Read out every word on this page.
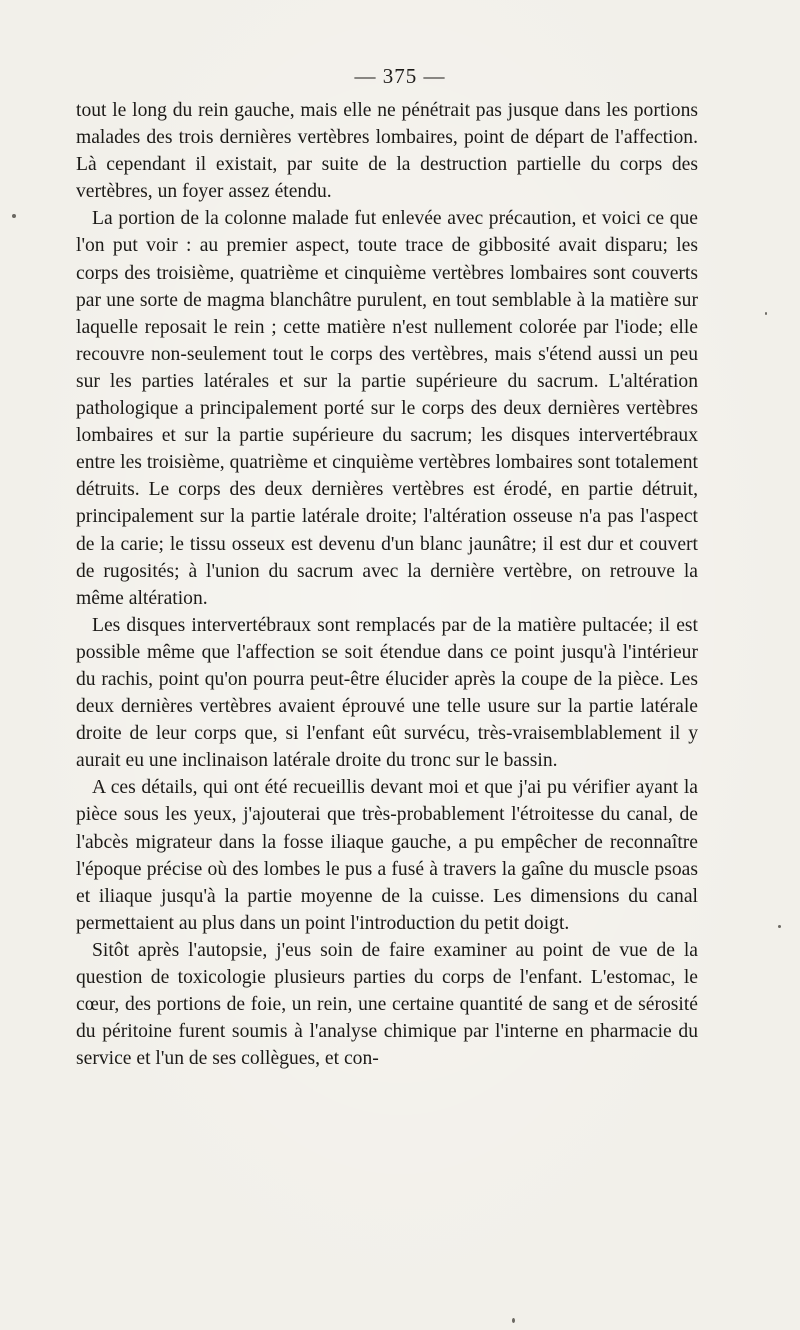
— 375 —

tout le long du rein gauche, mais elle ne pénétrait pas jusque dans les portions malades des trois dernières vertèbres lombaires, point de départ de l'affection. Là cependant il existait, par suite de la destruction partielle du corps des vertèbres, un foyer assez étendu.

La portion de la colonne malade fut enlevée avec précaution, et voici ce que l'on put voir : au premier aspect, toute trace de gibbosité avait disparu; les corps des troisième, quatrième et cinquième vertèbres lombaires sont couverts par une sorte de magma blanchâtre purulent, en tout semblable à la matière sur laquelle reposait le rein ; cette matière n'est nullement colorée par l'iode; elle recouvre non-seulement tout le corps des vertèbres, mais s'étend aussi un peu sur les parties latérales et sur la partie supérieure du sacrum. L'altération pathologique a principalement porté sur le corps des deux dernières vertèbres lombaires et sur la partie supérieure du sacrum; les disques intervertébraux entre les troisième, quatrième et cinquième vertèbres lombaires sont totalement détruits. Le corps des deux dernières vertèbres est érodé, en partie détruit, principalement sur la partie latérale droite; l'altération osseuse n'a pas l'aspect de la carie; le tissu osseux est devenu d'un blanc jaunâtre; il est dur et couvert de rugosités; à l'union du sacrum avec la dernière vertèbre, on retrouve la même altération.

Les disques intervertébraux sont remplacés par de la matière pultacée; il est possible même que l'affection se soit étendue dans ce point jusqu'à l'intérieur du rachis, point qu'on pourra peut-être élucider après la coupe de la pièce. Les deux dernières vertèbres avaient éprouvé une telle usure sur la partie latérale droite de leur corps que, si l'enfant eût survécu, très-vraisemblablement il y aurait eu une inclinaison latérale droite du tronc sur le bassin.

A ces détails, qui ont été recueillis devant moi et que j'ai pu vérifier ayant la pièce sous les yeux, j'ajouterai que très-probablement l'étroitesse du canal, de l'abcès migrateur dans la fosse iliaque gauche, a pu empêcher de reconnaître l'époque précise où des lombes le pus a fusé à travers la gaîne du muscle psoas et iliaque jusqu'à la partie moyenne de la cuisse. Les dimensions du canal permettaient au plus dans un point l'introduction du petit doigt.

Sitôt après l'autopsie, j'eus soin de faire examiner au point de vue de la question de toxicologie plusieurs parties du corps de l'enfant. L'estomac, le cœur, des portions de foie, un rein, une certaine quantité de sang et de sérosité du péritoine furent soumis à l'analyse chimique par l'interne en pharmacie du service et l'un de ses collègues, et con-
